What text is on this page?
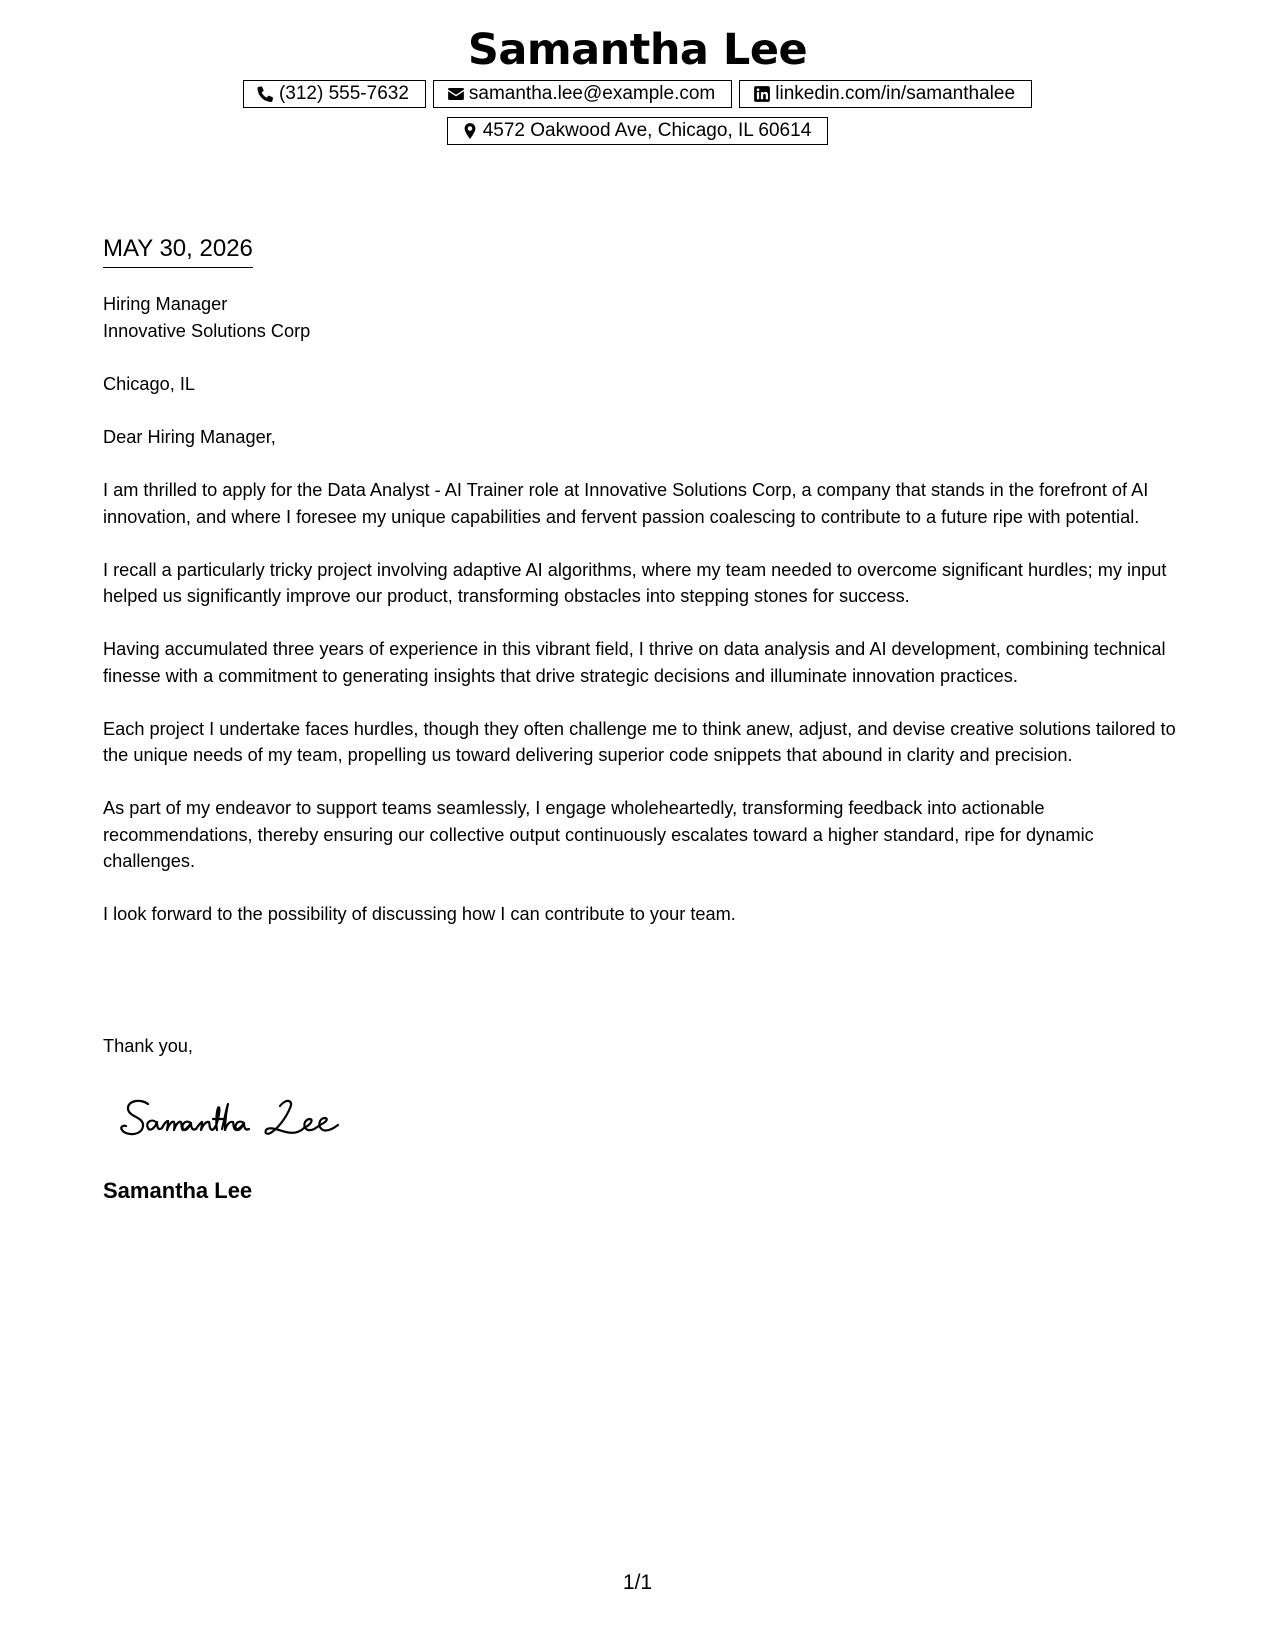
Samantha Lee
(312) 555-7632	samantha.lee@example.com	linkedin.com/in/samanthalee
4572 Oakwood Ave, Chicago, IL 60614
MAY 30, 2026
Hiring Manager
Innovative Solutions Corp
Chicago, IL
Dear Hiring Manager,

I am thrilled to apply for the Data Analyst - AI Trainer role at Innovative Solutions Corp, a company that stands in the forefront of AI innovation, and where I foresee my unique capabilities and fervent passion coalescing to contribute to a future ripe with potential.

I recall a particularly tricky project involving adaptive AI algorithms, where my team needed to overcome significant hurdles; my input helped us significantly improve our product, transforming obstacles into stepping stones for success.

Having accumulated three years of experience in this vibrant field, I thrive on data analysis and AI development, combining technical finesse with a commitment to generating insights that drive strategic decisions and illuminate innovation practices.

Each project I undertake faces hurdles, though they often challenge me to think anew, adjust, and devise creative solutions tailored to the unique needs of my team, propelling us toward delivering superior code snippets that abound in clarity and precision.

As part of my endeavor to support teams seamlessly, I engage wholeheartedly, transforming feedback into actionable recommendations, thereby ensuring our collective output continuously escalates toward a higher standard, ripe for dynamic challenges.

I look forward to the possibility of discussing how I can contribute to your team.

Thank you,
Samantha Lee
1/1
